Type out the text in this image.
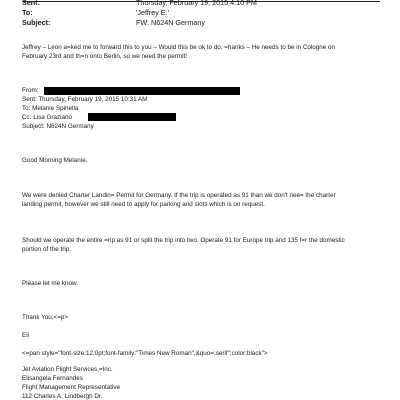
Sent:	Thursday, February 19, 2015 4:10 PM
To:	'Jeffrey E.'
Subject:	FW: N624N Germany
Jeffrey – Leon a=ked me to forward this to you – Would this be ok to do. =hanks – He needs to be in Cologne on
February 23rd and th=n onto Berlin, so we need the permit!
From:
Sent: Thursday, February 19, 2015 10:31 AM
To: Melanie Spinella
Cc: Lisa Graziano
Subject: N624N Germany
Good Morning Melanie,
We were denied Charter Landin= Permit for Germany. If the trip is operated as 91 than we don't nee= the charter
landing permit, however we still need to apply for parking and slots which is on request.
Should we operate the entire =rip as 91 or split the trip into two. Operate 91 for Europe trip and 135 f=r the domestic
portion of the trip.
Please let me know.
Thank You,<=p>
Eli
<=pan style="font-size:12.0pt;font-family:"Times New Roman",&quo=;serif";color:black">
Jet Aviation Flight Services,=Inc.
Elisangela Fernandes
Flight Management Representative
112 Charles A. Lindbergh Dr.
